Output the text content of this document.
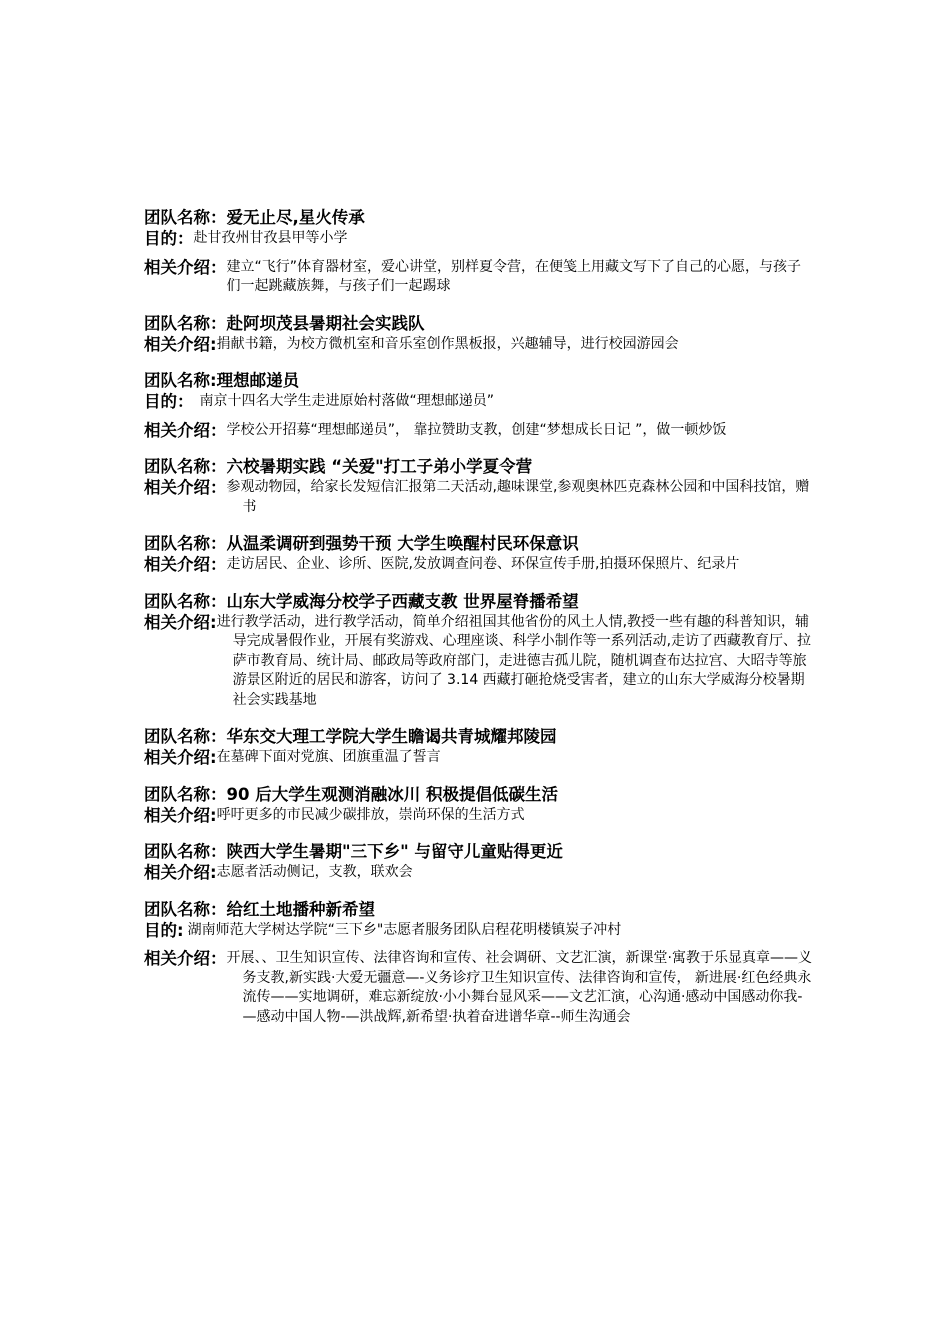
团队名称：爱无止尽,星火传承
目的： 赴甘孜州甘孜县甲等小学
相关介绍： 建立“飞行”体育器材室，爱心讲堂，别样夏令营，在便笺上用藏文写下了自己的心愿，与孩子们一起跳藏族舞，与孩子们一起踢球
团队名称：赴阿坝茂县暑期社会实践队
相关介绍: 捐献书籍，为校方微机室和音乐室创作黑板报，兴趣辅导，进行校园游园会
团队名称:理想邮递员
目的： 南京十四名大学生走进原始村落做“理想邮递员”
相关介绍： 学校公开招募“理想邮递员”， 靠拉赞助支教，创建“梦想成长日记 ”，做一顿炒饭
团队名称：六校暑期实践 “关爱"打工子弟小学夏令营
相关介绍： 参观动物园，给家长发短信汇报第二天活动,趣味课堂,参观奥林匹克森林公园和中国科技馆，赠书
团队名称：从温柔调研到强势干预 大学生唤醒村民环保意识
相关介绍： 走访居民、企业、诊所、医院,发放调查问卷、环保宣传手册,拍摄环保照片、纪录片
团队名称：山东大学威海分校学子西藏支教 世界屋脊播希望
相关介绍: 进行教学活动，进行教学活动，简单介绍祖国其他省份的风土人情,教授一些有趣的科普知识，辅导完成暑假作业，开展有奖游戏、心理座谈、科学小制作等一系列活动,走访了西藏教育厅、拉萨市教育局、统计局、邮政局等政府部门，走进德吉孤儿院，随机调查布达拉宫、大昭寺等旅游景区附近的居民和游客，访问了 3.14 西藏打砸抢烧受害者，建立的山东大学威海分校暑期社会实践基地
团队名称：华东交大理工学院大学生瞻谒共青城耀邦陵园
相关介绍: 在墓碑下面对党旗、团旗重温了誓言
团队名称：90 后大学生观测消融冰川 积极提倡低碳生活
相关介绍: 呼吁更多的市民减少碳排放，崇尚环保的生活方式
团队名称：陕西大学生暑期"三下乡" 与留守儿童贴得更近
相关介绍: 志愿者活动侧记，支教，联欢会
团队名称：给红土地播种新希望
目的: 湖南师范大学树达学院“三下乡"志愿者服务团队启程花明楼镇炭子冲村
相关介绍： 开展、、卫生知识宣传、法律咨询和宣传、社会调研、文艺汇演，新课堂·寓教于乐显真章——义务支教,新实践·大爱无疆意—-义务诊疗卫生知识宣传、法律咨询和宣传， 新进展·红色经典永流传——实地调研，难忘新绽放·小小舞台显风采——文艺汇演，心沟通·感动中国感动你我-—感动中国人物-—洪战辉,新希望·执着奋进谱华章--师生沟通会
